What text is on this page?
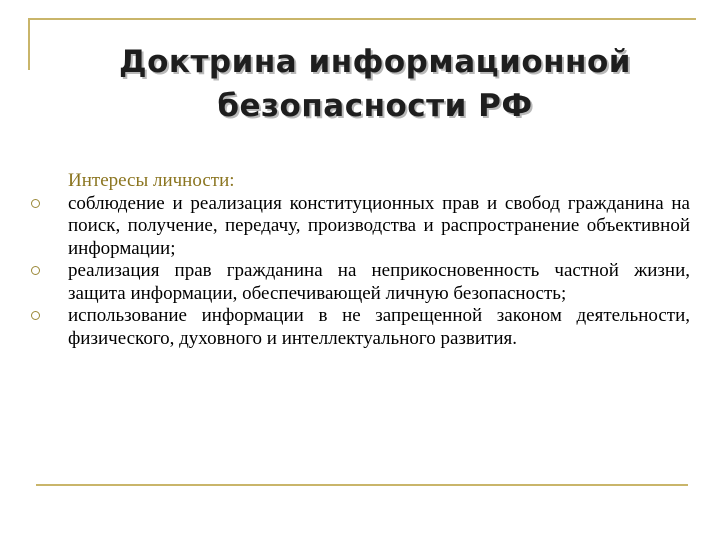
Доктрина информационной
безопасности РФ

Интересы личности:

соблюдение и реализация конституционных прав и свобод гражданина на поиск, получение, передачу, производства и распространение объективной информации;
реализация прав гражданина на неприкосновенность частной жизни, защита информации, обеспечивающей личную безопасность;
использование информации в не запрещенной законом деятельности, физического, духовного и интеллектуального развития.
